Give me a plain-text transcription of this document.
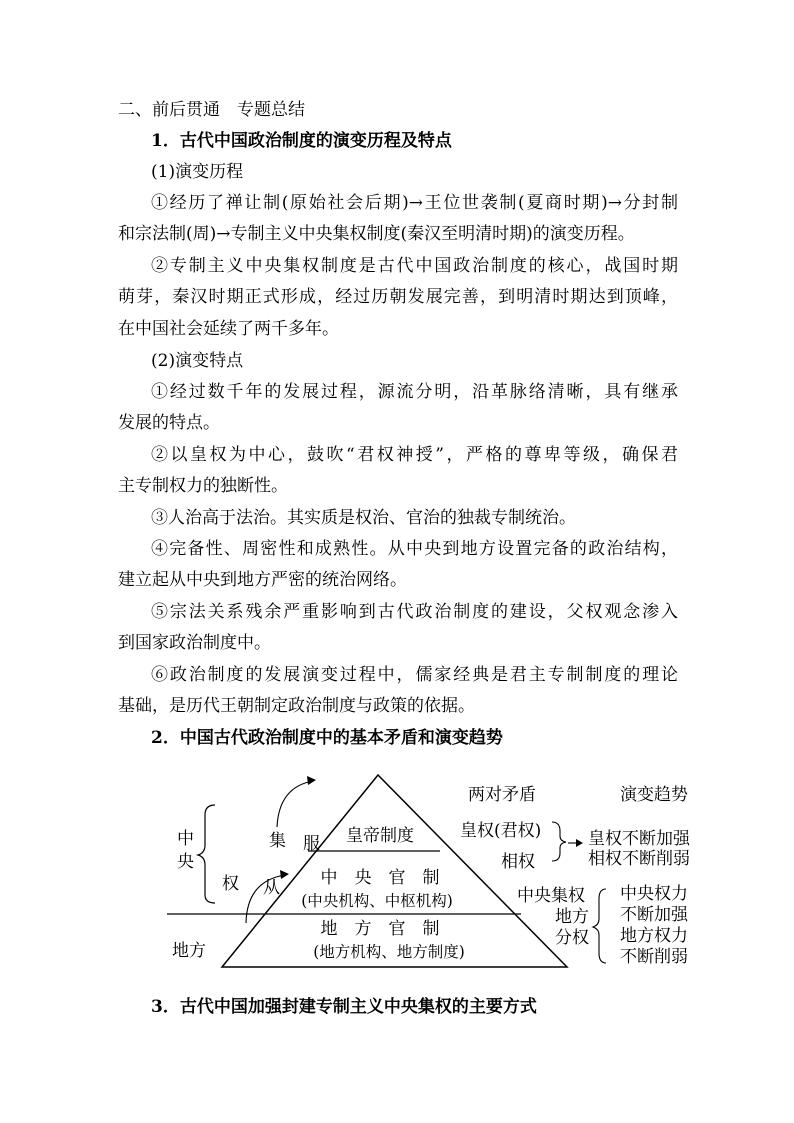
二、前后贯通　专题总结
1．古代中国政治制度的演变历程及特点
(1)演变历程
①经历了禅让制(原始社会后期)→王位世袭制(夏商时期)→分封制
和宗法制(周)→专制主义中央集权制度(秦汉至明清时期)的演变历程。
②专制主义中央集权制度是古代中国政治制度的核心，战国时期
萌芽，秦汉时期正式形成，经过历朝发展完善，到明清时期达到顶峰，
在中国社会延续了两千多年。
(2)演变特点
①经过数千年的发展过程，源流分明，沿革脉络清晰，具有继承
发展的特点。
②以皇权为中心，鼓吹“君权神授”，严格的尊卑等级，确保君
主专制权力的独断性。
③人治高于法治。其实质是权治、官治的独裁专制统治。
④完备性、周密性和成熟性。从中央到地方设置完备的政治结构，
建立起从中央到地方严密的统治网络。
⑤宗法关系残余严重影响到古代政治制度的建设，父权观念渗入
到国家政治制度中。
⑥政治制度的发展演变过程中，儒家经典是君主专制制度的理论
基础，是历代王朝制定政治制度与政策的依据。
2．中国古代政治制度中的基本矛盾和演变趋势
中
央
地方
集
权
服
从
皇帝制度
中　央　官　制
(中央机构、中枢机构)
地　方　官　制
(地方机构、地方制度)
两对矛盾	演变趋势
皇权(君权)
相权
皇权不断加强
相权不断削弱
中央集权
地方
分权
中央权力
不断加强
地方权力
不断削弱
3．古代中国加强封建专制主义中央集权的主要方式
